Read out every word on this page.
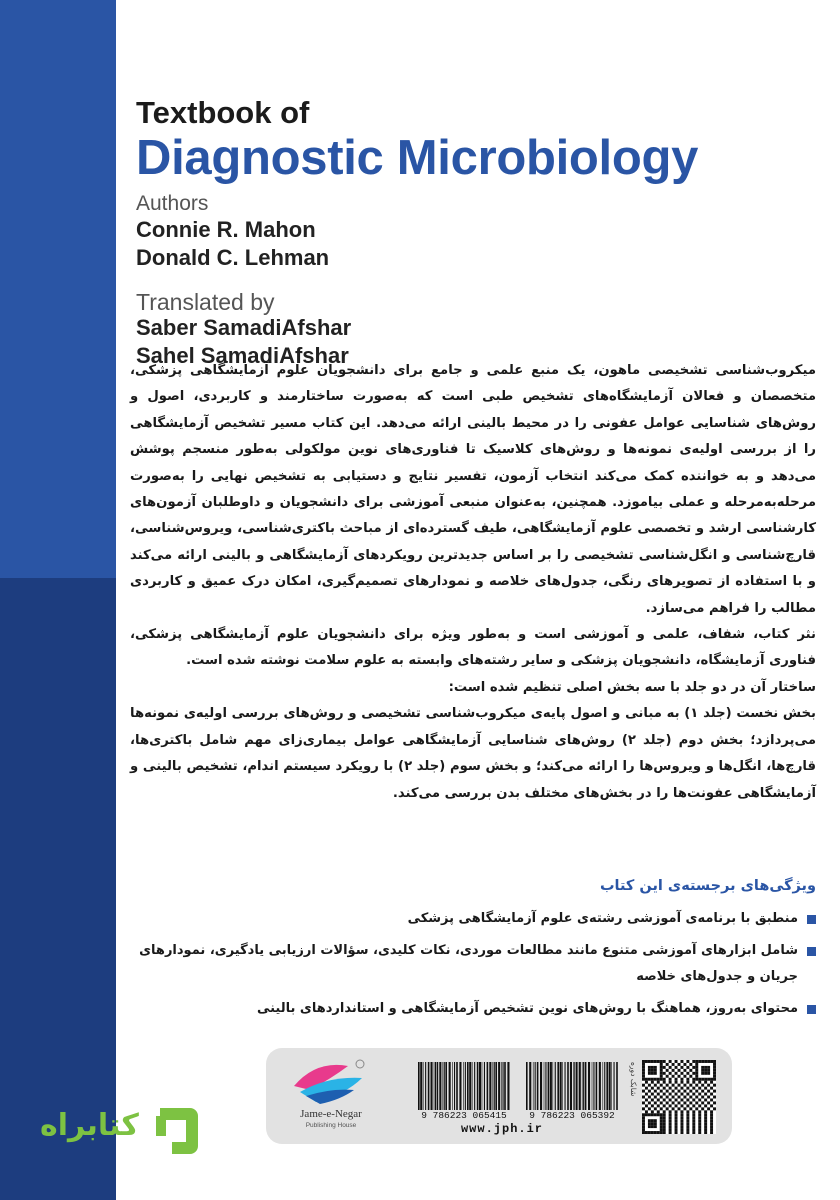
Textbook of
Diagnostic Microbiology
Authors
Connie R. Mahon
Donald C. Lehman
Translated by
Saber SamadiAfshar
Sahel SamadiAfshar

میکروب‌شناسی تشخیصی ماهون، یک منبع علمی و جامع برای دانشجویان علوم آزمایشگاهی پزشکی، متخصصان و فعالان آزمایشگاه‌های تشخیص طبی است که به‌صورت ساختارمند و کاربردی، اصول و روش‌های شناسایی عوامل عفونی را در محیط بالینی ارائه می‌دهد. این کتاب مسیر تشخیص آزمایشگاهی را از بررسی اولیه‌ی نمونه‌ها و روش‌های کلاسیک تا فناوری‌های نوین مولکولی به‌طور منسجم پوشش می‌دهد و به خواننده کمک می‌کند انتخاب آزمون، تفسیر نتایج و دستیابی به تشخیص نهایی را به‌صورت مرحله‌به‌مرحله و عملی بیاموزد. همچنین، به‌عنوان منبعی آموزشی برای دانشجویان و داوطلبان آزمون‌های کارشناسی ارشد و تخصصی علوم آزمایشگاهی، طیف گسترده‌ای از مباحث باکتری‌شناسی، ویروس‌شناسی، قارچ‌شناسی و انگل‌شناسی تشخیصی را بر اساس جدیدترین رویکردهای آزمایشگاهی و بالینی ارائه می‌کند و با استفاده از تصویرهای رنگی، جدول‌های خلاصه و نمودارهای تصمیم‌گیری، امکان درک عمیق و کاربردی مطالب را فراهم می‌سازد.

نثر کتاب، شفاف، علمی و آموزشی است و به‌طور ویژه برای دانشجویان علوم آزمایشگاهی پزشکی، فناوری آزمایشگاه، دانشجویان پزشکی و سایر رشته‌های وابسته به علوم سلامت نوشته شده است.

ساختار آن در دو جلد با سه بخش اصلی تنظیم شده است:

بخش نخست (جلد ۱) به مبانی و اصول پایه‌ی میکروب‌شناسی تشخیصی و روش‌های بررسی اولیه‌ی نمونه‌ها می‌پردازد؛ بخش دوم (جلد ۲) روش‌های شناسایی آزمایشگاهی عوامل بیماری‌زای مهم شامل باکتری‌ها، قارچ‌ها، انگل‌ها و ویروس‌ها را ارائه می‌کند؛ و بخش سوم (جلد ۲) با رویکرد سیستم اندام، تشخیص بالینی و آزمایشگاهی عفونت‌ها را در بخش‌های مختلف بدن بررسی می‌کند.

ویژگی‌های برجسته‌ی این کتاب
منطبق با برنامه‌ی آموزشی رشته‌ی علوم آزمایشگاهی پزشکی
شامل ابزارهای آموزشی متنوع مانند مطالعات موردی، نکات کلیدی، سؤالات ارزیابی یادگیری، نمودارهای جریان و جدول‌های خلاصه
محتوای به‌روز، هماهنگ با روش‌های نوین تشخیص آزمایشگاهی و استانداردهای بالینی
Jame-e-Negar
Publishing House
9 786223 065415	9 786223 065392
www.jph.ir
شابک دوره
کتابراه
